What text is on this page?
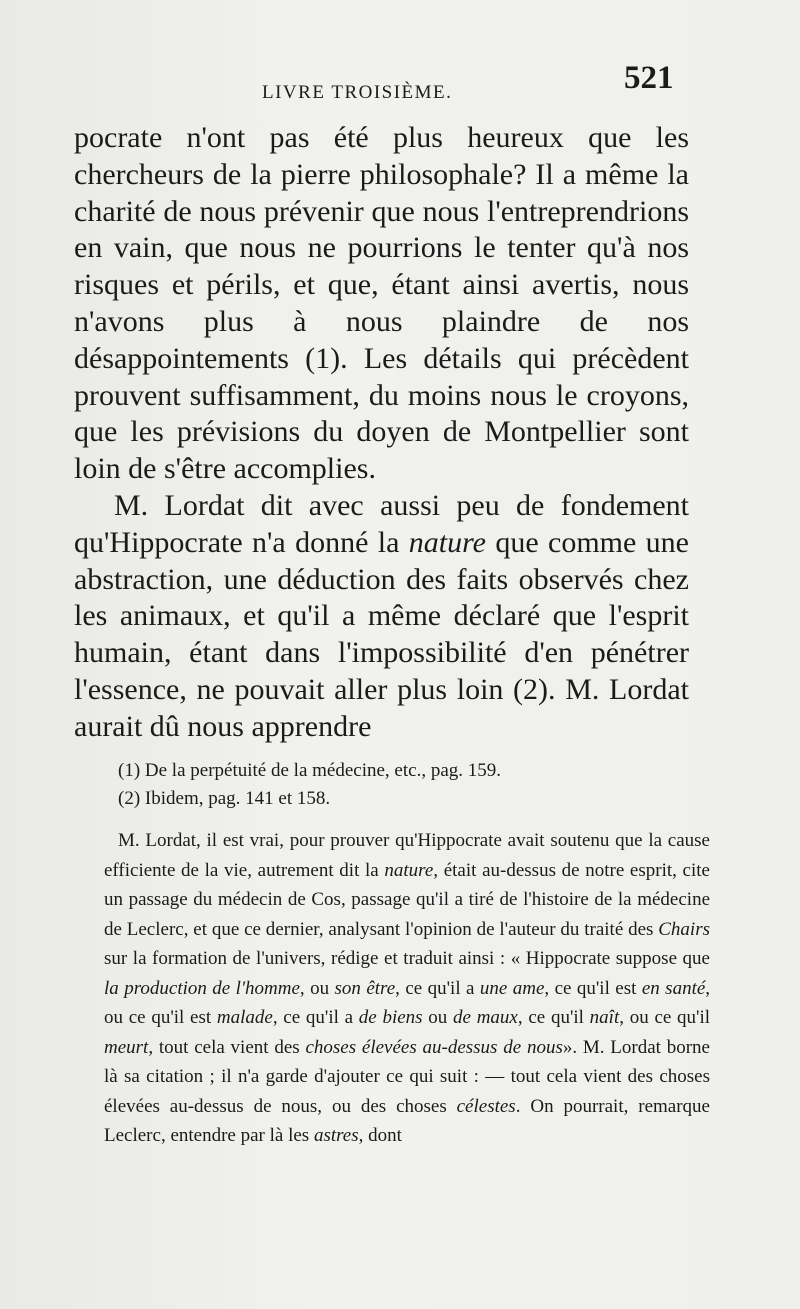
LIVRE TROISIÈME.	521

pocrate n'ont pas été plus heureux que les chercheurs de la pierre philosophale? Il a même la charité de nous prévenir que nous l'entreprendrions en vain, que nous ne pourrions le tenter qu'à nos risques et périls, et que, étant ainsi avertis, nous n'avons plus à nous plaindre de nos désappointements (1). Les détails qui précèdent prouvent suffisamment, du moins nous le croyons, que les prévisions du doyen de Montpellier sont loin de s'être accomplies.

M. Lordat dit avec aussi peu de fondement qu'Hippocrate n'a donné la nature que comme une abstraction, une déduction des faits observés chez les animaux, et qu'il a même déclaré que l'esprit humain, étant dans l'impossibilité d'en pénétrer l'essence, ne pouvait aller plus loin (2). M. Lordat aurait dû nous apprendre

(1) De la perpétuité de la médecine, etc., pag. 159.

(2) Ibidem, pag. 141 et 158.

M. Lordat, il est vrai, pour prouver qu'Hippocrate avait soutenu que la cause efficiente de la vie, autrement dit la nature, était au-dessus de notre esprit, cite un passage du médecin de Cos, passage qu'il a tiré de l'histoire de la médecine de Leclerc, et que ce dernier, analysant l'opinion de l'auteur du traité des Chairs sur la formation de l'univers, rédige et traduit ainsi : « Hippocrate suppose que la production de l'homme, ou son être, ce qu'il a une ame, ce qu'il est en santé, ou ce qu'il est malade, ce qu'il a de biens ou de maux, ce qu'il naît, ou ce qu'il meurt, tout cela vient des choses élevées au-dessus de nous». M. Lordat borne là sa citation ; il n'a garde d'ajouter ce qui suit : — tout cela vient des choses élevées au-dessus de nous, ou des choses célestes. On pourrait, remarque Leclerc, entendre par là les astres, dont
